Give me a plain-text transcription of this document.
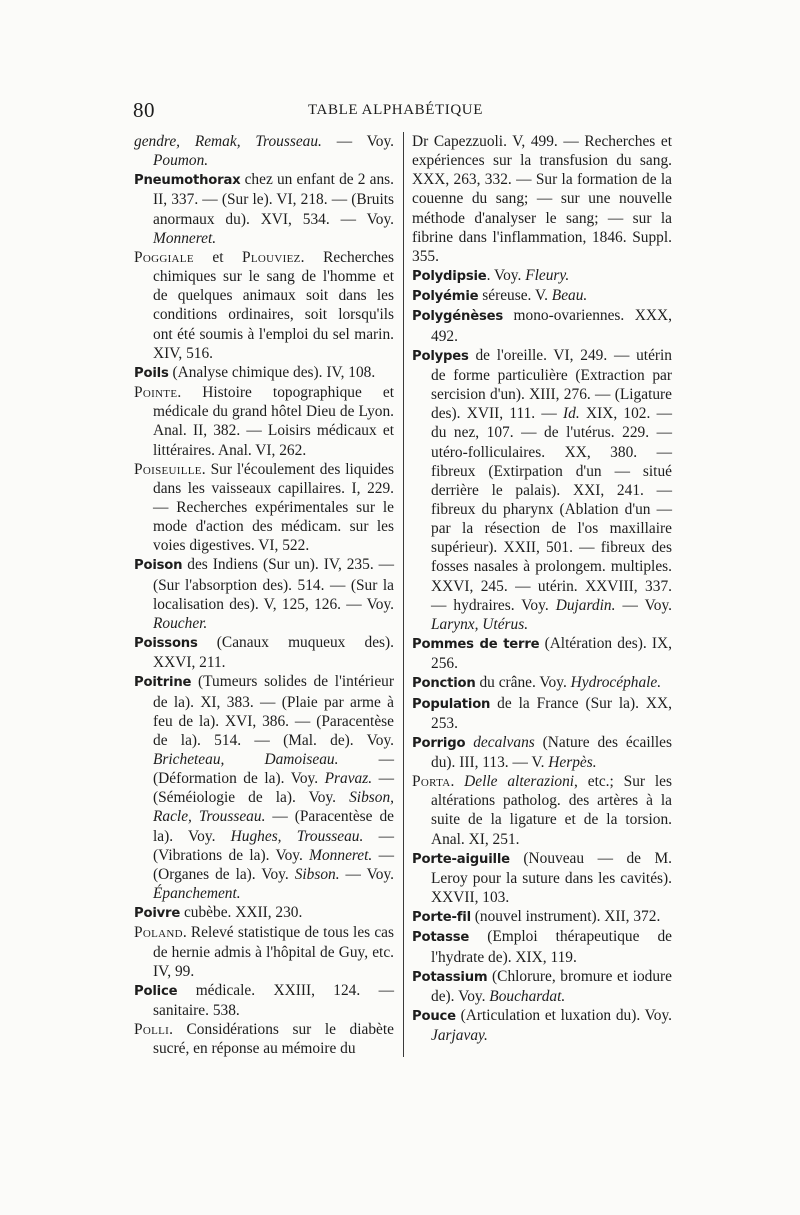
80	TABLE ALPHABÉTIQUE

gendre, Remak, Trousseau. — Voy. Poumon.

Pneumothorax chez un enfant de 2 ans. II, 337. — (Sur le). VI, 218. — (Bruits anormaux du). XVI, 534. — Voy. Monneret.

Poggiale et Plouviez. Recherches chimiques sur le sang de l'homme et de quelques animaux soit dans les conditions ordinaires, soit lorsqu'ils ont été soumis à l'emploi du sel marin. XIV, 516.

Poils (Analyse chimique des). IV, 108.

Pointe. Histoire topographique et médicale du grand hôtel Dieu de Lyon. Anal. II, 382. — Loisirs médicaux et littéraires. Anal. VI, 262.

Poiseuille. Sur l'écoulement des liquides dans les vaisseaux capillaires. I, 229. — Recherches expérimentales sur le mode d'action des médicam. sur les voies digestives. VI, 522.

Poison des Indiens (Sur un). IV, 235. — (Sur l'absorption des). 514. — (Sur la localisation des). V, 125, 126. — Voy. Roucher.

Poissons (Canaux muqueux des). XXVI, 211.

Poitrine (Tumeurs solides de l'intérieur de la). XI, 383. — (Plaie par arme à feu de la). XVI, 386. — (Paracentèse de la). 514. — (Mal. de). Voy. Bricheteau, Damoiseau. — (Déformation de la). Voy. Pravaz. — (Séméiologie de la). Voy. Sibson, Racle, Trousseau. — (Paracentèse de la). Voy. Hughes, Trousseau. — (Vibrations de la). Voy. Monneret. — (Organes de la). Voy. Sibson. — Voy. Épanchement.

Poivre cubèbe. XXII, 230.

Poland. Relevé statistique de tous les cas de hernie admis à l'hôpital de Guy, etc. IV, 99.

Police médicale. XXIII, 124. — sanitaire. 538.

Polli. Considérations sur le diabète sucré, en réponse au mémoire du

Dr Capezzuoli. V, 499. — Recherches et expériences sur la transfusion du sang. XXX, 263, 332. — Sur la formation de la couenne du sang; — sur une nouvelle méthode d'analyser le sang; — sur la fibrine dans l'inflammation, 1846. Suppl. 355.

Polydipsie. Voy. Fleury.

Polyémie séreuse. V. Beau.

Polygénèses mono-ovariennes. XXX, 492.

Polypes de l'oreille. VI, 249. — utérin de forme particulière (Extraction par sercision d'un). XIII, 276. — (Ligature des). XVII, 111. — Id. XIX, 102. — du nez, 107. — de l'utérus. 229. — utéro-folliculaires. XX, 380. — fibreux (Extirpation d'un — situé derrière le palais). XXI, 241. — fibreux du pharynx (Ablation d'un — par la résection de l'os maxillaire supérieur). XXII, 501. — fibreux des fosses nasales à prolongem. multiples. XXVI, 245. — utérin. XXVIII, 337. — hydraires. Voy. Dujardin. — Voy. Larynx, Utérus.

Pommes de terre (Altération des). IX, 256.

Ponction du crâne. Voy. Hydrocéphale.

Population de la France (Sur la). XX, 253.

Porrigo decalvans (Nature des écailles du). III, 113. — V. Herpès.

Porta. Delle alterazioni, etc.; Sur les altérations patholog. des artères à la suite de la ligature et de la torsion. Anal. XI, 251.

Porte-aiguille (Nouveau — de M. Leroy pour la suture dans les cavités). XXVII, 103.

Porte-fil (nouvel instrument). XII, 372.

Potasse (Emploi thérapeutique de l'hydrate de). XIX, 119.

Potassium (Chlorure, bromure et iodure de). Voy. Bouchardat.

Pouce (Articulation et luxation du). Voy. Jarjavay.
